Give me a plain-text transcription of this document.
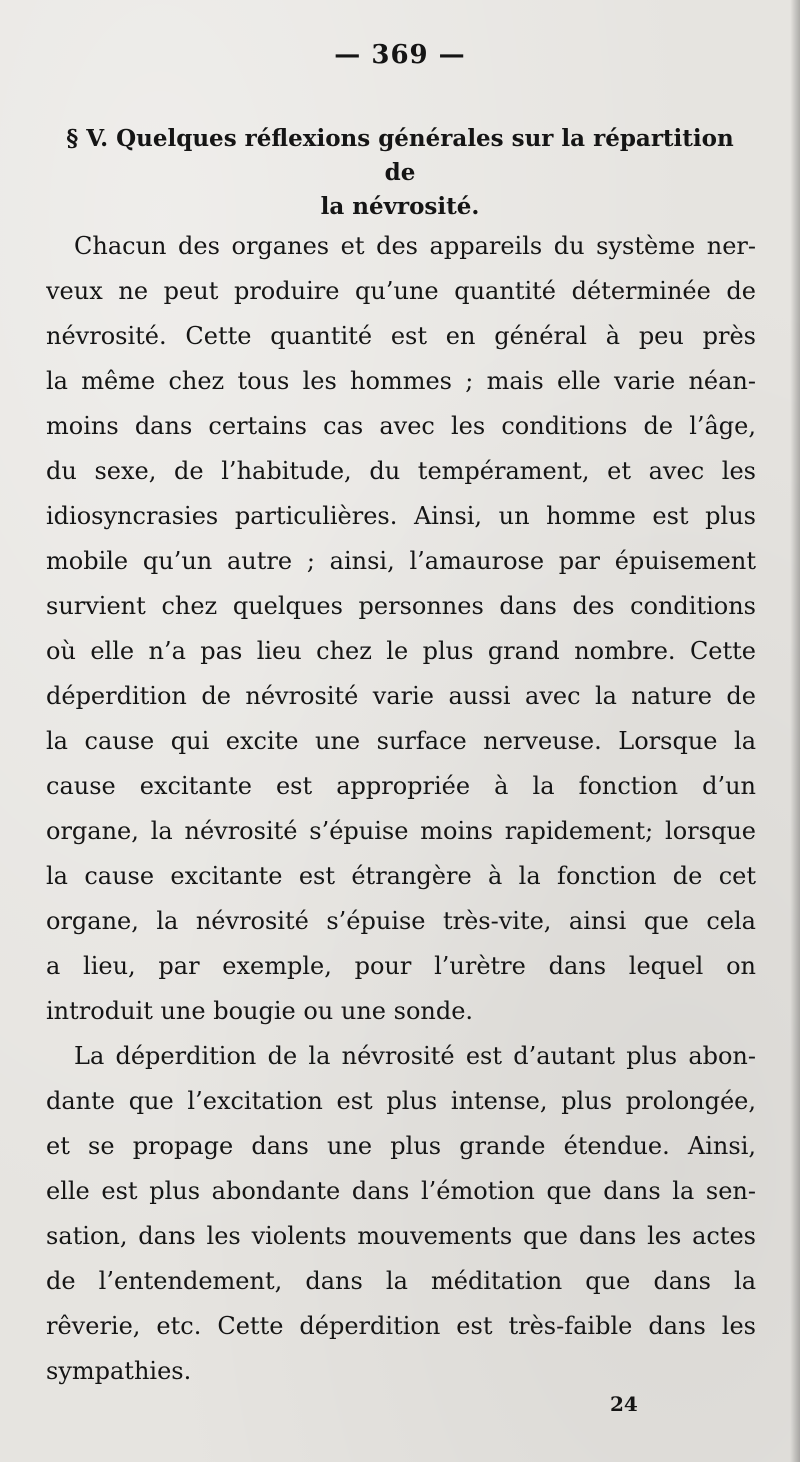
— 369 —
§ V. Quelques réflexions générales sur la répartition de
la névrosité.

Chacun des organes et des appareils du système ner-
veux ne peut produire qu’une quantité déterminée de
névrosité. Cette quantité est en général à peu près
la même chez tous les hommes ; mais elle varie néan-
moins dans certains cas avec les conditions de l’âge,
du sexe, de l’habitude, du tempérament, et avec les
idiosyncrasies particulières. Ainsi, un homme est plus
mobile qu’un autre ; ainsi, l’amaurose par épuisement
survient chez quelques personnes dans des conditions
où elle n’a pas lieu chez le plus grand nombre. Cette
déperdition de névrosité varie aussi avec la nature de
la cause qui excite une surface nerveuse. Lorsque la
cause excitante est appropriée à la fonction d’un
organe, la névrosité s’épuise moins rapidement; lorsque
la cause excitante est étrangère à la fonction de cet
organe, la névrosité s’épuise très-vite, ainsi que cela
a lieu, par exemple, pour l’urètre dans lequel on
introduit une bougie ou une sonde.

La déperdition de la névrosité est d’autant plus abon-
dante que l’excitation est plus intense, plus prolongée,
et se propage dans une plus grande étendue. Ainsi,
elle est plus abondante dans l’émotion que dans la sen-
sation, dans les violents mouvements que dans les actes
de l’entendement, dans la méditation que dans la
rêverie, etc. Cette déperdition est très-faible dans les
sympathies.

24
